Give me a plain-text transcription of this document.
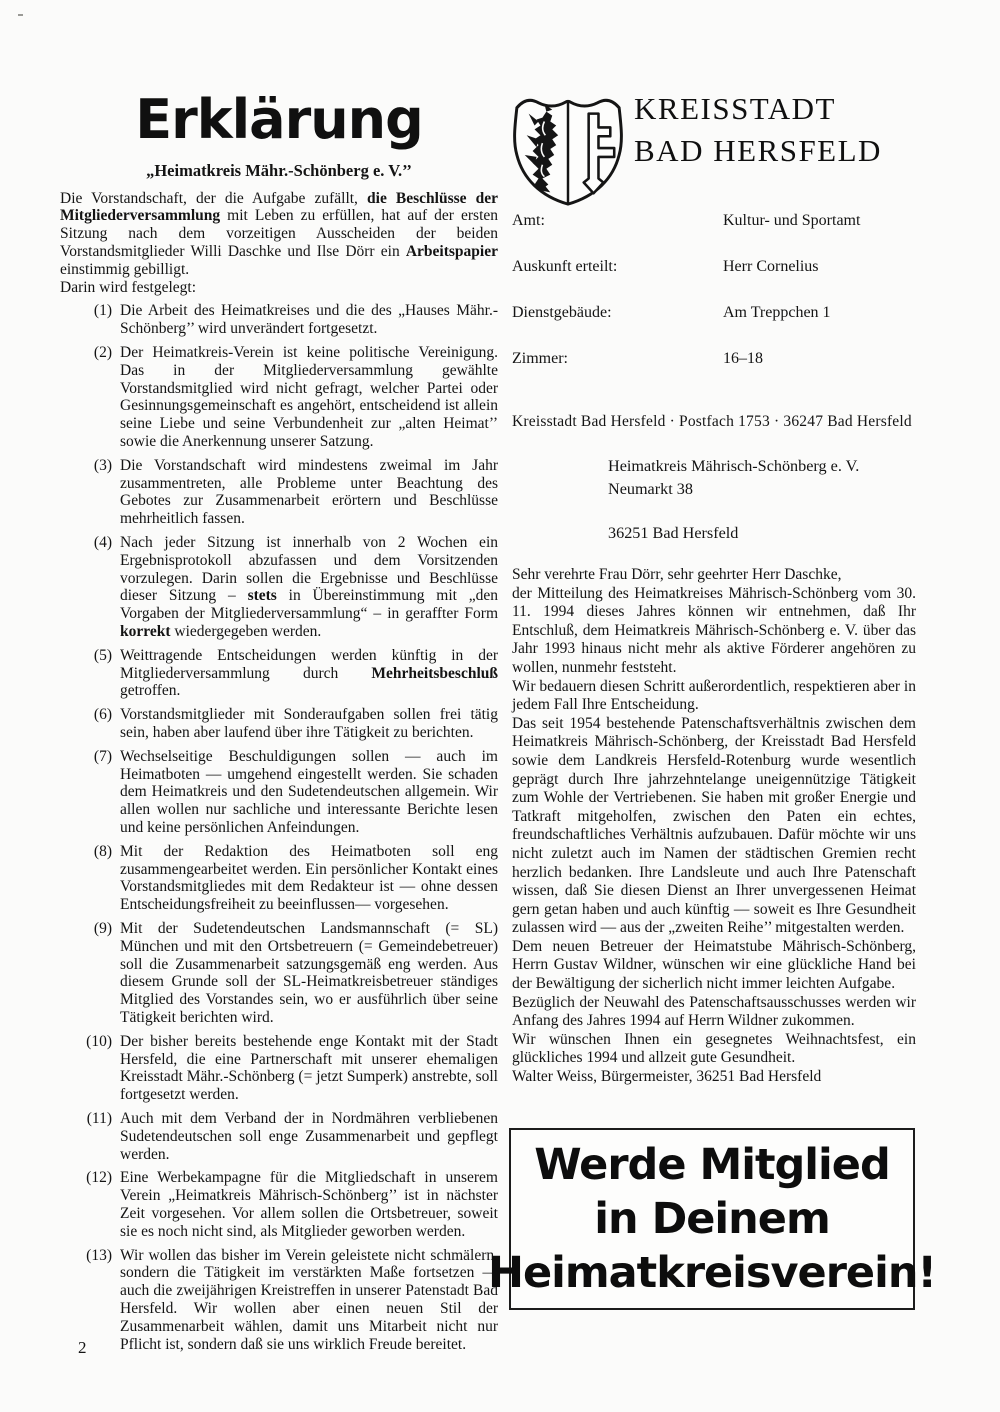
Erklärung
„Heimatkreis Mähr.-Schönberg e. V.’’

Die Vorstandschaft, der die Aufgabe zufällt, die Beschlüsse der Mitgliederversammlung mit Leben zu erfüllen, hat auf der ersten Sitzung nach dem vorzeitigen Ausscheiden der beiden Vorstandsmitglieder Willi Daschke und Ilse Dörr ein Arbeitspapier einstimmig gebilligt.

Darin wird festgelegt:

(1) Die Arbeit des Heimatkreises und die des „Hauses Mähr.-Schönberg’’ wird unverändert fortgesetzt.
(2) Der Heimatkreis-Verein ist keine politische Vereinigung. Das in der Mitgliederversammlung gewählte Vorstandsmitglied wird nicht gefragt, welcher Partei oder Gesinnungsgemeinschaft es angehört, entscheidend ist allein seine Liebe und seine Verbundenheit zur „alten Heimat’’ sowie die Anerkennung unserer Satzung.
(3) Die Vorstandschaft wird mindestens zweimal im Jahr zusammentreten, alle Probleme unter Beachtung des Gebotes zur Zusammenarbeit erörtern und Beschlüsse mehrheitlich fassen.
(4) Nach jeder Sitzung ist innerhalb von 2 Wochen ein Ergebnisprotokoll abzufassen und dem Vorsitzenden vorzulegen. Darin sollen die Ergebnisse und Beschlüsse dieser Sitzung – stets in Übereinstimmung mit „den Vorgaben der Mitgliederversammlung“ – in geraffter Form korrekt wiedergegeben werden.
(5) Weittragende Entscheidungen werden künftig in der Mitgliederversammlung durch Mehrheitsbeschluß getroffen.
(6) Vorstandsmitglieder mit Sonderaufgaben sollen frei tätig sein, haben aber laufend über ihre Tätigkeit zu berichten.
(7) Wechselseitige Beschuldigungen sollen — auch im Heimatboten — umgehend eingestellt werden. Sie schaden dem Heimatkreis und den Sudetendeutschen allgemein. Wir allen wollen nur sachliche und interessante Berichte lesen und keine persönlichen Anfeindungen.
(8) Mit der Redaktion des Heimatboten soll eng zusammengearbeitet werden. Ein persönlicher Kontakt eines Vorstandsmitgliedes mit dem Redakteur ist — ohne dessen Entscheidungsfreiheit zu beeinflussen— vorgesehen.
(9) Mit der Sudetendeutschen Landsmannschaft (= SL) München und mit den Ortsbetreuern (= Gemeindebetreuer) soll die Zusammenarbeit satzungsgemäß eng werden. Aus diesem Grunde soll der SL-Heimatkreisbetreuer ständiges Mitglied des Vorstandes sein, wo er ausführlich über seine Tätigkeit berichten wird.
(10) Der bisher bereits bestehende enge Kontakt mit der Stadt Hersfeld, die eine Partnerschaft mit unserer ehemaligen Kreisstadt Mähr.-Schönberg (= jetzt Sumperk) anstrebte, soll fortgesetzt werden.
(11) Auch mit dem Verband der in Nordmähren verbliebenen Sudetendeutschen soll enge Zusammenarbeit und gepflegt werden.
(12) Eine Werbekampagne für die Mitgliedschaft in unserem Verein „Heimatkreis Mährisch-Schönberg’’ ist in nächster Zeit vorgesehen. Vor allem sollen die Ortsbetreuer, soweit sie es noch nicht sind, als Mitglieder geworben werden.
(13) Wir wollen das bisher im Verein geleistete nicht schmälern, sondern die Tätigkeit im verstärkten Maße fortsetzen — auch die zweijährigen Kreistreffen in unserer Patenstadt Bad Hersfeld. Wir wollen aber einen neuen Stil der Zusammenarbeit wählen, damit uns Mitarbeit nicht nur Pflicht ist, sondern daß sie uns wirklich Freude bereitet.
KREISSTADT
BAD HERSFELD
Amt:	Kultur- und Sportamt
Auskunft erteilt:	Herr Cornelius
Dienstgebäude:	Am Treppchen 1
Zimmer:	16–18

Kreisstadt Bad Hersfeld · Postfach 1753 · 36247 Bad Hersfeld

Heimatkreis Mährisch-Schönberg e. V.
Neumarkt 38
36251 Bad Hersfeld

Sehr verehrte Frau Dörr, sehr geehrter Herr Daschke,

der Mitteilung des Heimatkreises Mährisch-Schönberg vom 30. 11. 1994 dieses Jahres können wir entnehmen, daß Ihr Entschluß, dem Heimatkreis Mährisch-Schönberg e. V. über das Jahr 1993 hinaus nicht mehr als aktive Förderer angehören zu wollen, nunmehr feststeht.

Wir bedauern diesen Schritt außerordentlich, respektieren aber in jedem Fall Ihre Entscheidung.

Das seit 1954 bestehende Patenschaftsverhältnis zwischen dem Heimatkreis Mährisch-Schönberg, der Kreisstadt Bad Hersfeld sowie dem Landkreis Hersfeld-Rotenburg wurde wesentlich geprägt durch Ihre jahrzehntelange uneigennützige Tätigkeit zum Wohle der Vertriebenen. Sie haben mit großer Energie und Tatkraft mitgeholfen, zwischen den Paten ein echtes, freundschaftliches Verhältnis aufzubauen. Dafür möchte wir uns nicht zuletzt auch im Namen der städtischen Gremien recht herzlich bedanken. Ihre Landsleute und auch Ihre Patenschaft wissen, daß Sie diesen Dienst an Ihrer unvergessenen Heimat gern getan haben und auch künftig — soweit es Ihre Gesundheit zulassen wird — aus der „zweiten Reihe’’ mitgestalten werden.

Dem neuen Betreuer der Heimatstube Mährisch-Schönberg, Herrn Gustav Wildner, wünschen wir eine glückliche Hand bei der Bewältigung der sicherlich nicht immer leichten Aufgabe.

Bezüglich der Neuwahl des Patenschaftsausschusses werden wir Anfang des Jahres 1994 auf Herrn Wildner zukommen.

Wir wünschen Ihnen ein gesegnetes Weihnachtsfest, ein glückliches 1994 und allzeit gute Gesundheit.

Walter Weiss, Bürgermeister, 36251 Bad Hersfeld

Werde Mitglied
in Deinem
Heimatkreisverein!
2
